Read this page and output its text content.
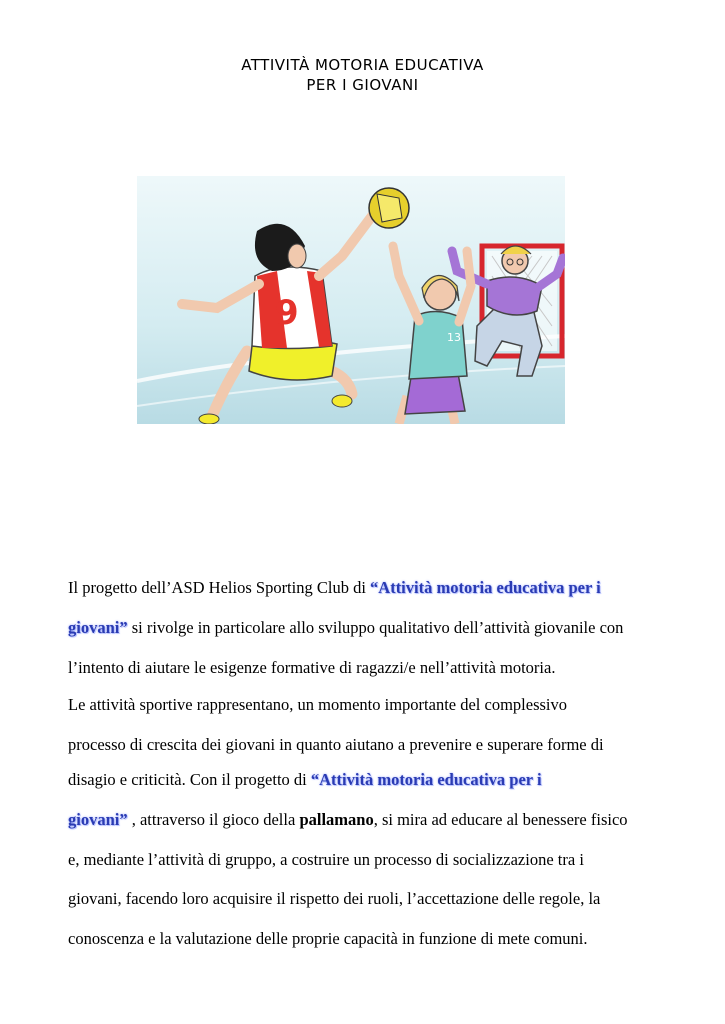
ATTIVITÀ MOTORIA EDUCATIVA
PER I GIOVANI
13
9
Il progetto dell’ASD Helios Sporting Club di “Attività motoria educativa per i
giovani” si rivolge in particolare allo sviluppo qualitativo dell’attività giovanile con
l’intento di aiutare le esigenze formative di ragazzi/e nell’attività motoria.
Le attività sportive rappresentano, un momento importante del complessivo
processo di crescita dei giovani in quanto aiutano a prevenire e superare forme di
disagio e criticità. Con il progetto di “Attività motoria educativa per i
giovani” , attraverso il gioco della pallamano, si mira ad educare al benessere fisico
e, mediante l’attività di gruppo, a costruire un processo di socializzazione tra i
giovani, facendo loro acquisire il rispetto dei ruoli, l’accettazione delle regole, la
conoscenza e la valutazione delle proprie capacità in funzione di mete comuni.
